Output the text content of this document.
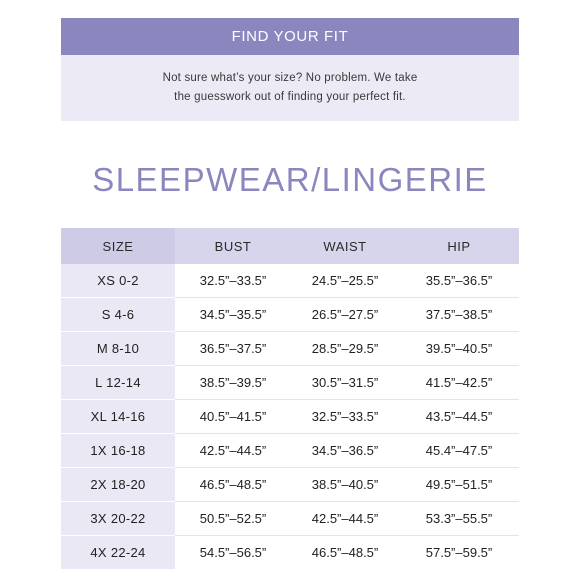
FIND YOUR FIT
Not sure what’s your size? No problem. We take
the guesswork out of finding your perfect fit.
SLEEPWEAR/LINGERIE
SIZE	BUST	WAIST	HIP
XS 0-2	32.5”–33.5”	24.5”–25.5”	35.5”–36.5”
S 4-6	34.5”–35.5”	26.5”–27.5”	37.5”–38.5”
M 8-10	36.5”–37.5”	28.5”–29.5”	39.5”–40.5”
L 12-14	38.5”–39.5”	30.5”–31.5”	41.5”–42.5”
XL 14-16	40.5”–41.5”	32.5”–33.5”	43.5”–44.5”
1X 16-18	42.5”–44.5”	34.5”–36.5”	45.4”–47.5”
2X 18-20	46.5”–48.5”	38.5”–40.5”	49.5”–51.5”
3X 20-22	50.5”–52.5”	42.5”–44.5”	53.3”–55.5”
4X 22-24	54.5”–56.5”	46.5”–48.5”	57.5”–59.5”
